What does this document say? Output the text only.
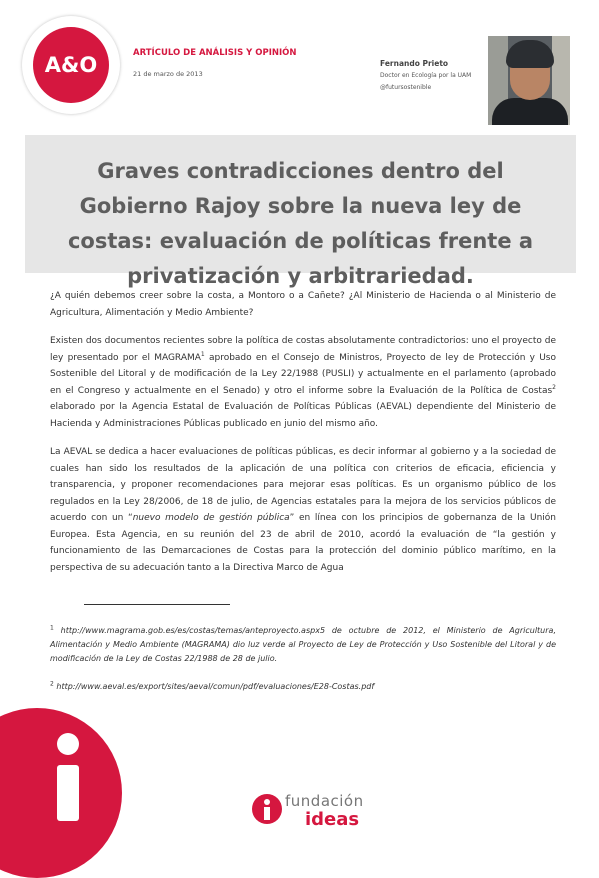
A&O	ARTÍCULO DE ANÁLISIS Y OPINIÓN
21 de marzo de 2013
Fernando Prieto
Doctor en Ecología por la UAM
@futursostenible
Graves contradicciones dentro del Gobierno Rajoy sobre la nueva ley de costas: evaluación de políticas frente a privatización y arbitrariedad.

¿A quién debemos creer sobre la costa, a Montoro o a Cañete? ¿Al Ministerio de Hacienda o al Ministerio de Agricultura, Alimentación y Medio Ambiente?

Existen dos documentos recientes sobre la política de costas absolutamente contradictorios: uno el proyecto de ley presentado por el MAGRAMA$^1$ aprobado en el Consejo de Ministros, Proyecto de ley de Protección y Uso Sostenible del Litoral y de modificación de la Ley 22/1988 (PUSLI) y actualmente en el parlamento (aprobado en el Congreso y actualmente en el Senado) y otro el informe sobre la Evaluación de la Política de Costas$^2$ elaborado por la Agencia Estatal de Evaluación de Políticas Públicas (AEVAL) dependiente del Ministerio de Hacienda y Administraciones Públicas publicado en junio del mismo año.

La AEVAL se dedica a hacer evaluaciones de políticas públicas, es decir informar al gobierno y a la sociedad de cuales han sido los resultados de la aplicación de una política con criterios de eficacia, eficiencia y transparencia, y proponer recomendaciones para mejorar esas políticas. Es un organismo público de los regulados en la Ley 28/2006, de 18 de julio, de Agencias estatales para la mejora de los servicios públicos de acuerdo con un “nuevo modelo de gestión pública” en línea con los principios de gobernanza de la Unión Europea. Esta Agencia, en su reunión del 23 de abril de 2010, acordó la evaluación de “la gestión y funcionamiento de las Demarcaciones de Costas para la protección del dominio público marítimo, en la perspectiva de su adecuación tanto a la Directiva Marco de Agua

$^1$ http://www.magrama.gob.es/es/costas/temas/anteproyecto.aspx5 de octubre de 2012, el Ministerio de Agricultura, Alimentación y Medio Ambiente (MAGRAMA) dio luz verde al Proyecto de Ley de Protección y Uso Sostenible del Litoral y de modificación de la Ley de Costas 22/1988 de 28 de julio.

$^2$ http://www.aeval.es/export/sites/aeval/comun/pdf/evaluaciones/E28-Costas.pdf

fundación
ideas
